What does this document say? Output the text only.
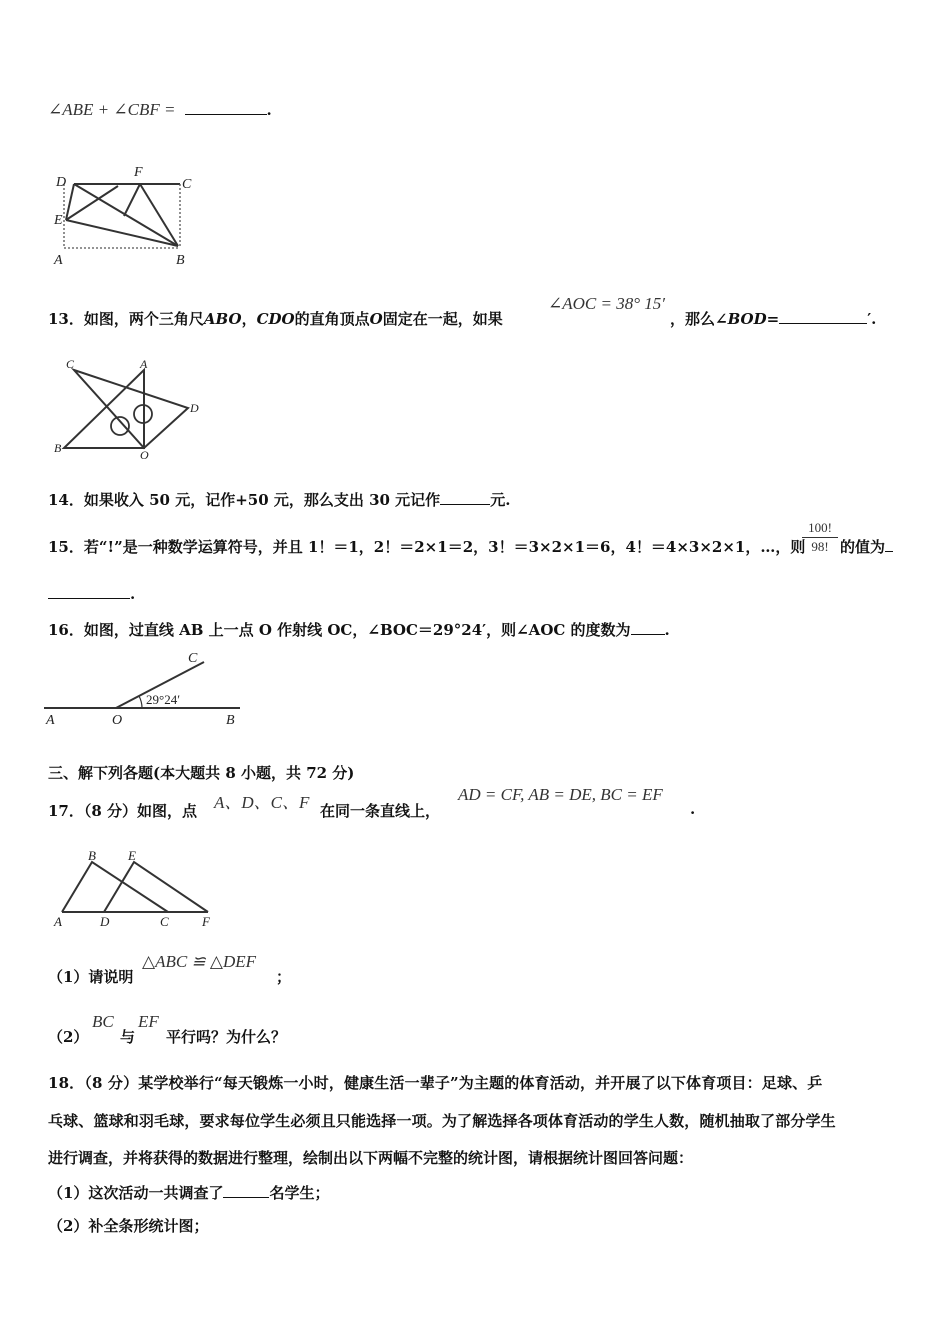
∠ABE + ∠CBF =	.
D
F
C
E
A	B
13．如图，两个三角尺ABO，CDO的直角顶点O固定在一起，如果
∠AOC = 38° 15′
，那么∠BOD=	′.
C	A
D
B	O
14．如果收入 50 元，记作+50 元，那么支出 30 元记作	元.
15．若“!”是一种数学运算符号，并且 1！＝1，2！＝2×1＝2，3！＝3×2×1＝6，4！＝4×3×2×1，…，则
$\frac{100!}{98!}$ 的值为
.
16．如图，过直线 AB 上一点 O 作射线 OC，∠BOC＝29°24′，则∠AOC 的度数为 .
C
A	O	B
29°24′
三、解下列各题(本大题共 8 小题，共 72 分)
17．（8 分）如图，点 A、D、C、F 在同一条直线上，
AD = CF, AB = DE, BC = EF
.
B E
A	D	C	F
（1）请说明
△ABC ≌ △DEF
；
（2）
BC
与
EF
平行吗？为什么？
18．（8 分）某学校举行“每天锻炼一小时，健康生活一辈子”为主题的体育活动，并开展了以下体育项目：足球、乒
乓球、篮球和羽毛球，要求每位学生必须且只能选择一项。为了解选择各项体育活动的学生人数，随机抽取了部分学生
进行调查，并将获得的数据进行整理，绘制出以下两幅不完整的统计图，请根据统计图回答问题：
（1）这次活动一共调查了	名学生；
（2）补全条形统计图；
